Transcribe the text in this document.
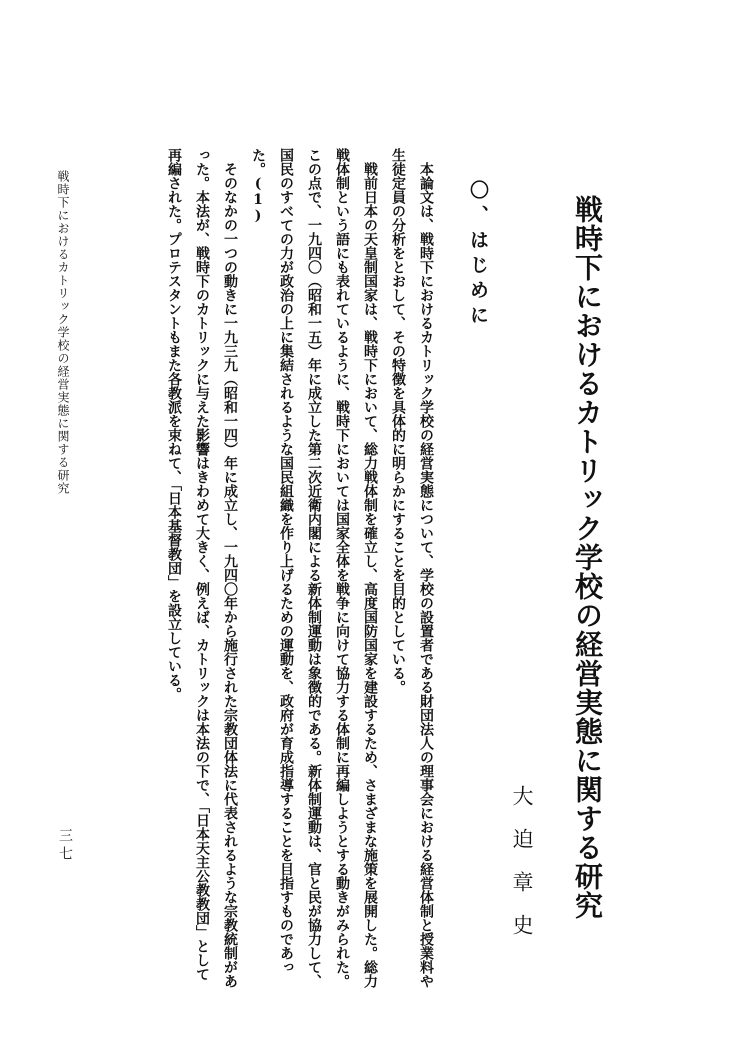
戦時下におけるカトリック学校の経営実態に関する研究
大迫章史
〇、はじめに

本論文は、戦時下におけるカトリック学校の経営実態について、学校の設置者である財団法人の理事会における経営体制と授業料や生徒定員の分析をとおして、その特徴を具体的に明らかにすることを目的としている。

戦前日本の天皇制国家は、戦時下において、総力戦体制を確立し、高度国防国家を建設するため、さまざまな施策を展開した。総力戦体制という語にも表れているように、戦時下においては国家全体を戦争に向けて協力する体制に再編しようとする動きがみられた。この点で、一九四〇（昭和一五）年に成立した第二次近衛内閣による新体制運動は象徴的である。新体制運動は、官と民が協力して、国民のすべての力が政治の上に集結されるような国民組織を作り上げるための運動を、政府が育成指導することを目指すものであった。(1)

そのなかの一つの動きに一九三九（昭和一四）年に成立し、一九四〇年から施行された宗教団体法に代表されるような宗教統制があった。本法が、戦時下のカトリックに与えた影響はきわめて大きく、例えば、カトリックは本法の下で、「日本天主公教教団」として再編された。プロテスタントもまた各教派を束ねて、「日本基督教団」を設立している。

戦時下におけるカトリック学校の経営実態に関する研究
三七
